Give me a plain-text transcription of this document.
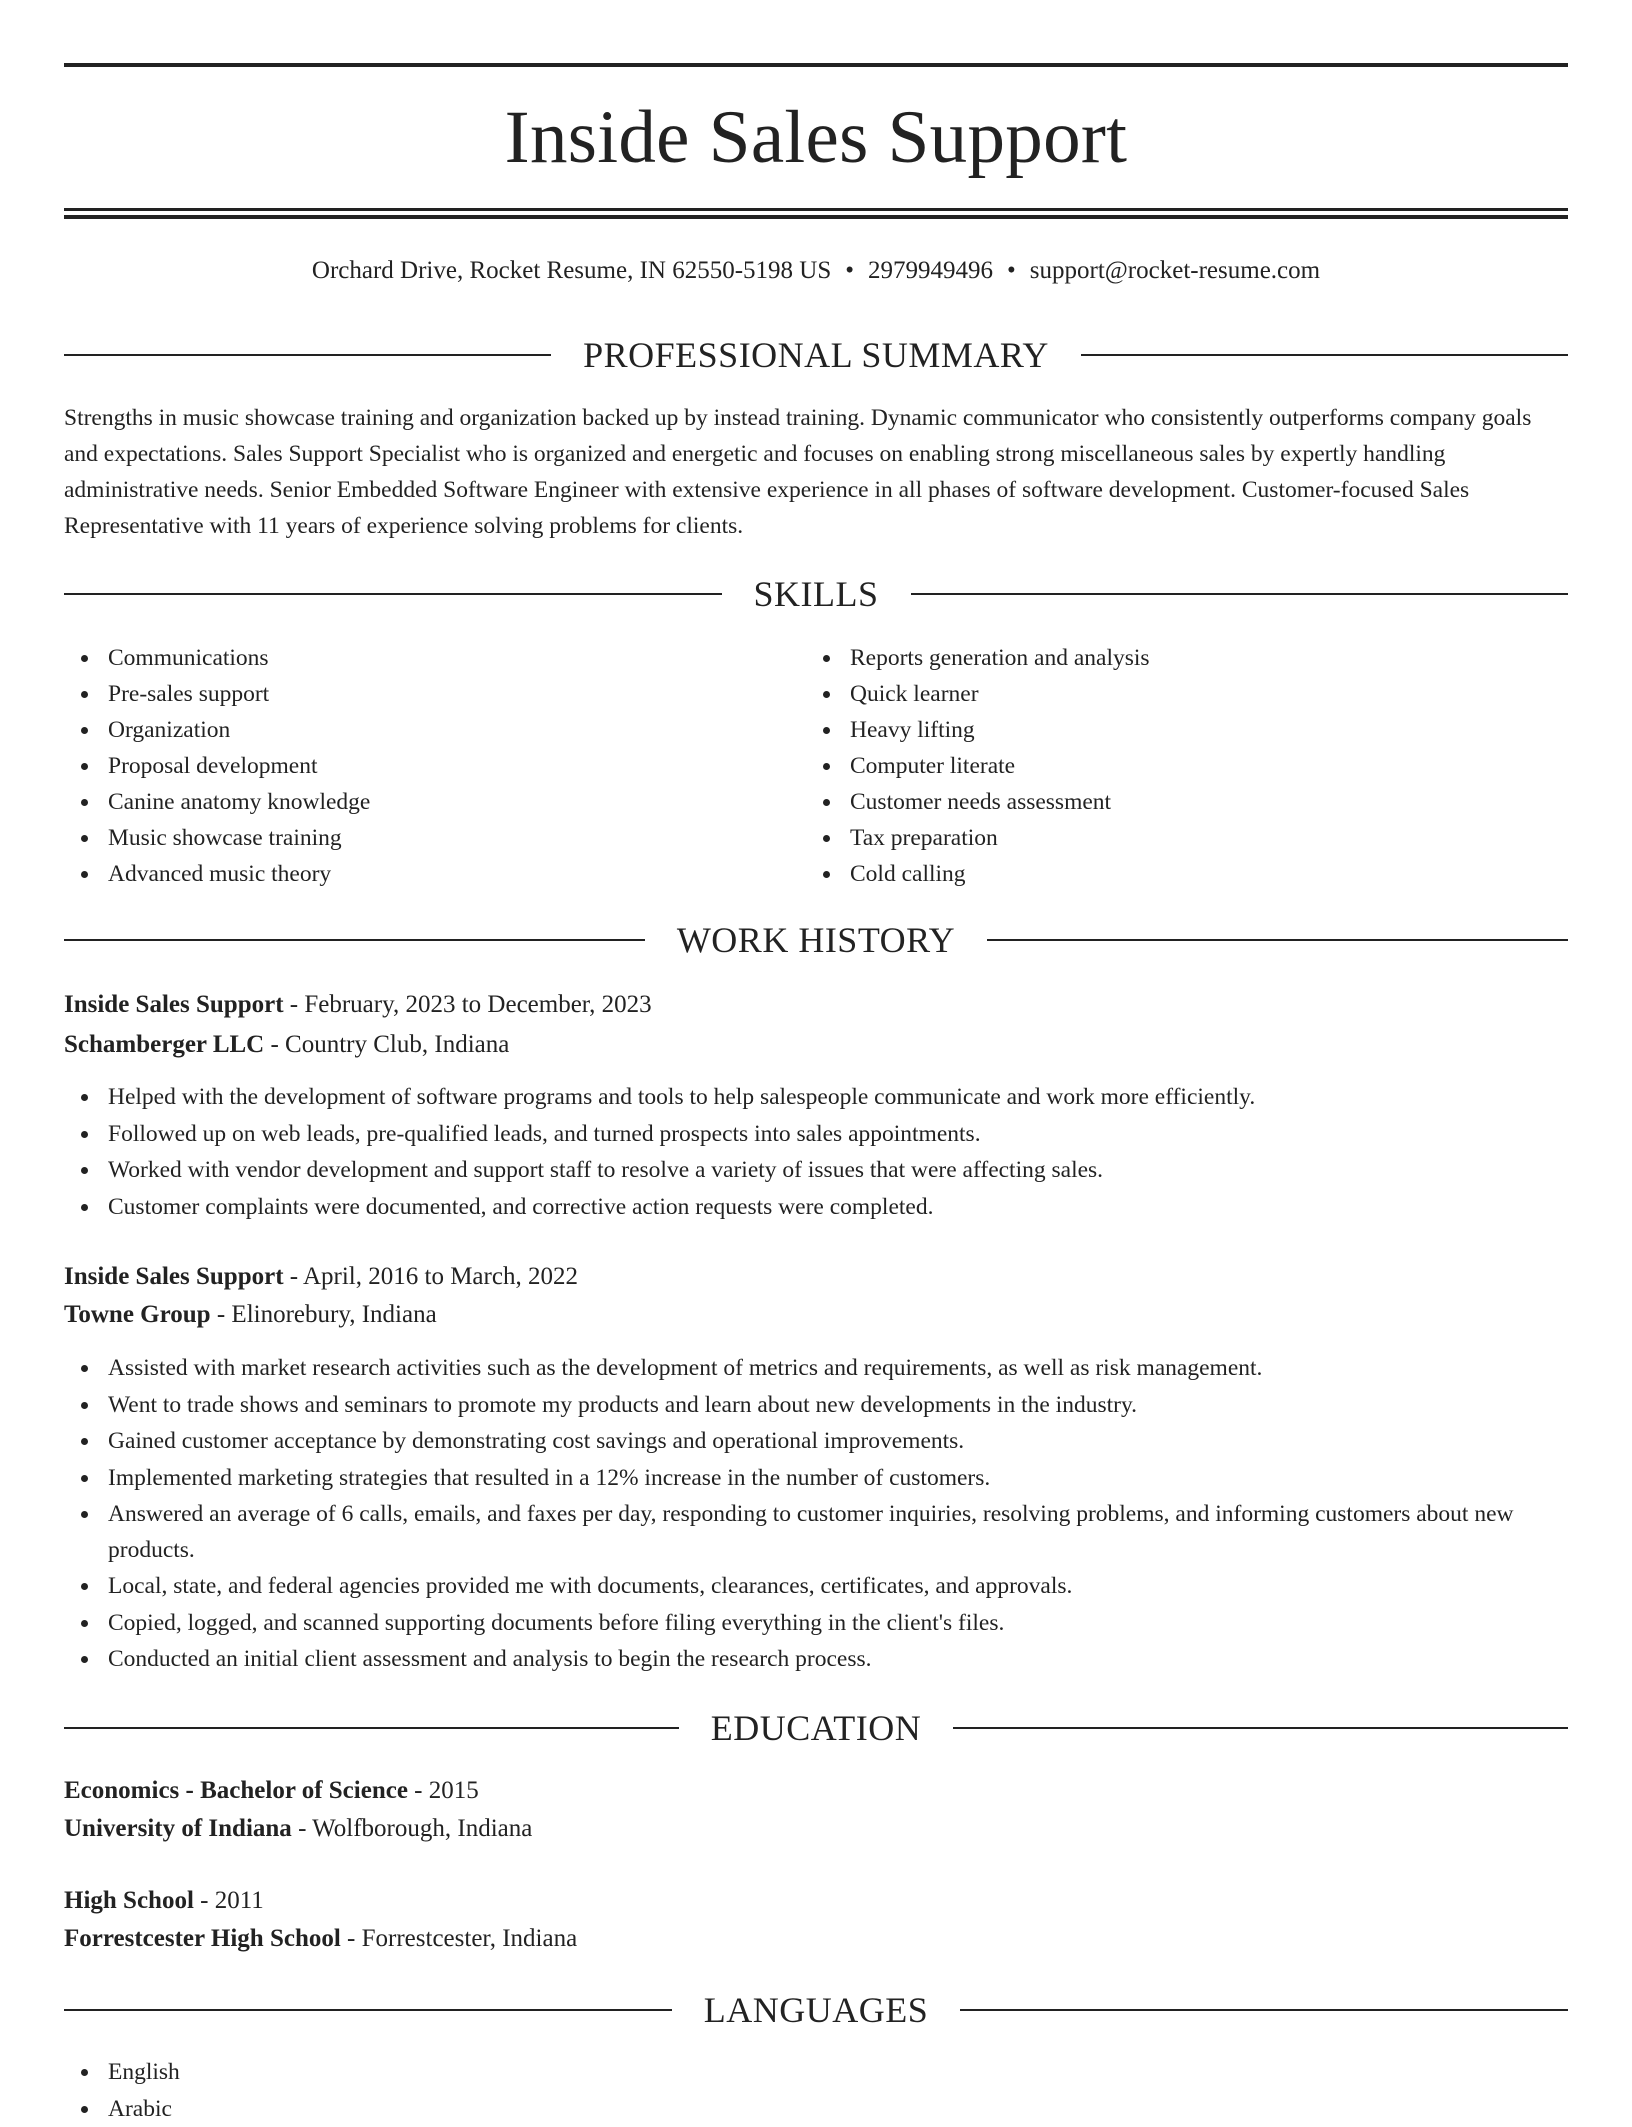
Inside Sales Support
Orchard Drive, Rocket Resume, IN 62550-5198 US • 2979949496 • support@rocket-resume.com
PROFESSIONAL SUMMARY

Strengths in music showcase training and organization backed up by instead training. Dynamic communicator who consistently outperforms company goals and expectations. Sales Support Specialist who is organized and energetic and focuses on enabling strong miscellaneous sales by expertly handling administrative needs. Senior Embedded Software Engineer with extensive experience in all phases of software development. Customer-focused Sales Representative with 11 years of experience solving problems for clients.

SKILLS
Communications
Pre-sales support
Organization
Proposal development
Canine anatomy knowledge
Music showcase training
Advanced music theory
Reports generation and analysis
Quick learner
Heavy lifting
Computer literate
Customer needs assessment
Tax preparation
Cold calling
WORK HISTORY
Inside Sales Support - February, 2023 to December, 2023
Schamberger LLC - Country Club, Indiana
Helped with the development of software programs and tools to help salespeople communicate and work more efficiently.
Followed up on web leads, pre-qualified leads, and turned prospects into sales appointments.
Worked with vendor development and support staff to resolve a variety of issues that were affecting sales.
Customer complaints were documented, and corrective action requests were completed.
Inside Sales Support - April, 2016 to March, 2022
Towne Group - Elinorebury, Indiana
Assisted with market research activities such as the development of metrics and requirements, as well as risk management.
Went to trade shows and seminars to promote my products and learn about new developments in the industry.
Gained customer acceptance by demonstrating cost savings and operational improvements.
Implemented marketing strategies that resulted in a 12% increase in the number of customers.
Answered an average of 6 calls, emails, and faxes per day, responding to customer inquiries, resolving problems, and informing customers about new products.
Local, state, and federal agencies provided me with documents, clearances, certificates, and approvals.
Copied, logged, and scanned supporting documents before filing everything in the client's files.
Conducted an initial client assessment and analysis to begin the research process.
EDUCATION
Economics - Bachelor of Science - 2015
University of Indiana - Wolfborough, Indiana
High School - 2011
Forrestcester High School - Forrestcester, Indiana
LANGUAGES
English
Arabic
